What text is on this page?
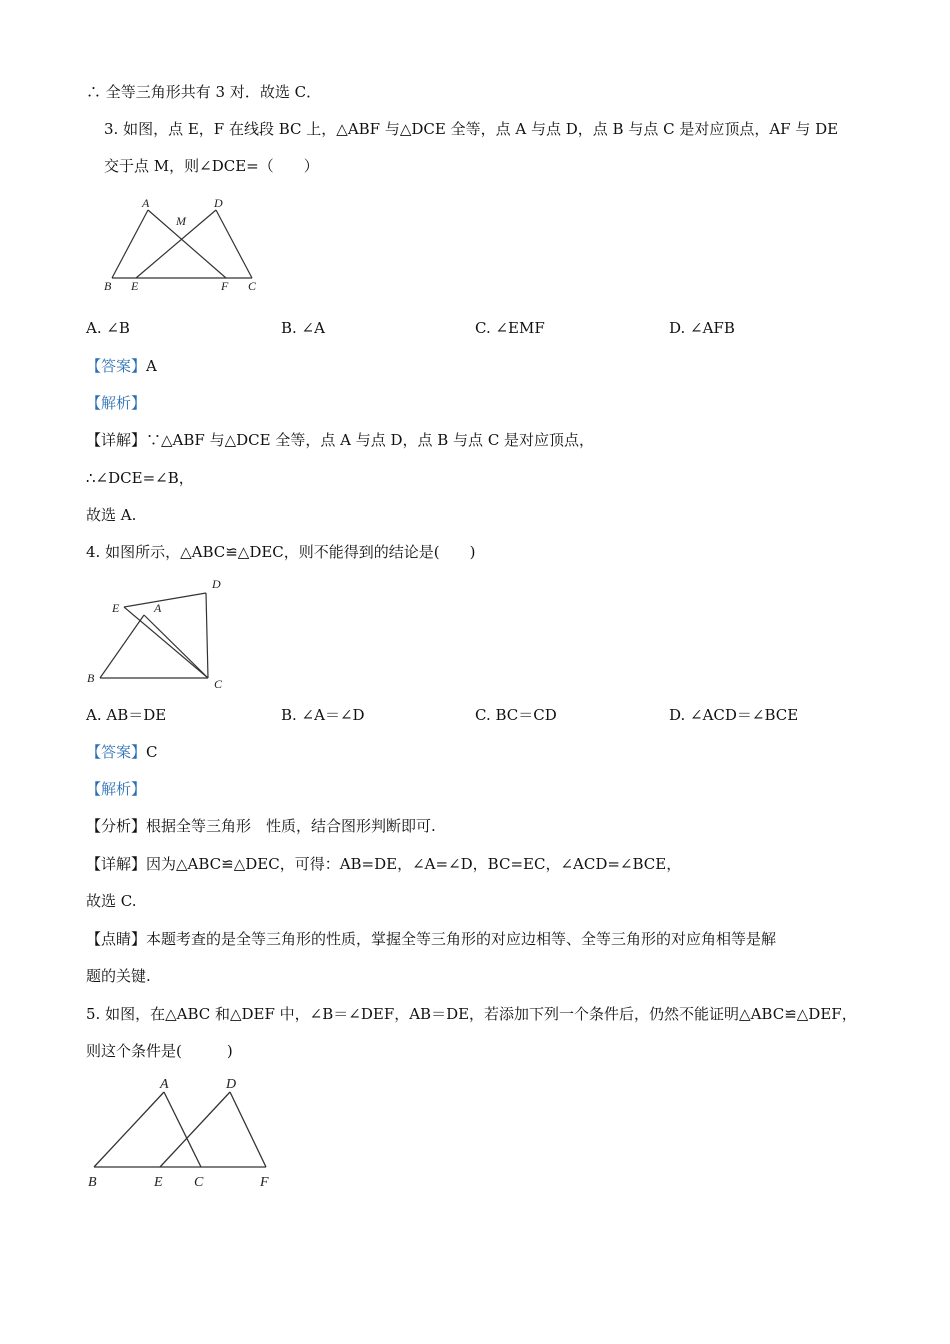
∴ 全等三角形共有 3 对．故选 C．
3. 如图，点 E，F 在线段 BC 上，△ABF 与△DCE 全等，点 A 与点 D，点 B 与点 C 是对应顶点，AF 与 DE
交于点 M，则∠DCE=（　　）
A	D
M
B E	F C
A. ∠B	B. ∠A	C. ∠EMF	D. ∠AFB
【答案】A
【解析】
【详解】∵△ABF 与△DCE 全等，点 A 与点 D，点 B 与点 C 是对应顶点，
∴∠DCE=∠B，
故选 A.
4. 如图所示，△ABC≌△DEC，则不能得到的结论是(　　)
D
E	A
B	C
A. AB＝DE	B. ∠A＝∠D	C. BC＝CD	D. ∠ACD＝∠BCE
【答案】C
【解析】
【分析】根据全等三角形　性质，结合图形判断即可.
【详解】因为△ABC≌△DEC，可得：AB=DE，∠A=∠D，BC=EC，∠ACD=∠BCE，
故选 C.
【点睛】本题考查的是全等三角形的性质，掌握全等三角形的对应边相等、全等三角形的对应角相等是解
题的关键.
5. 如图，在△ABC 和△DEF 中，∠B＝∠DEF，AB＝DE，若添加下列一个条件后，仍然不能证明△ABC≌△DEF，
则这个条件是(　　　)
A	D
B	E C	F
